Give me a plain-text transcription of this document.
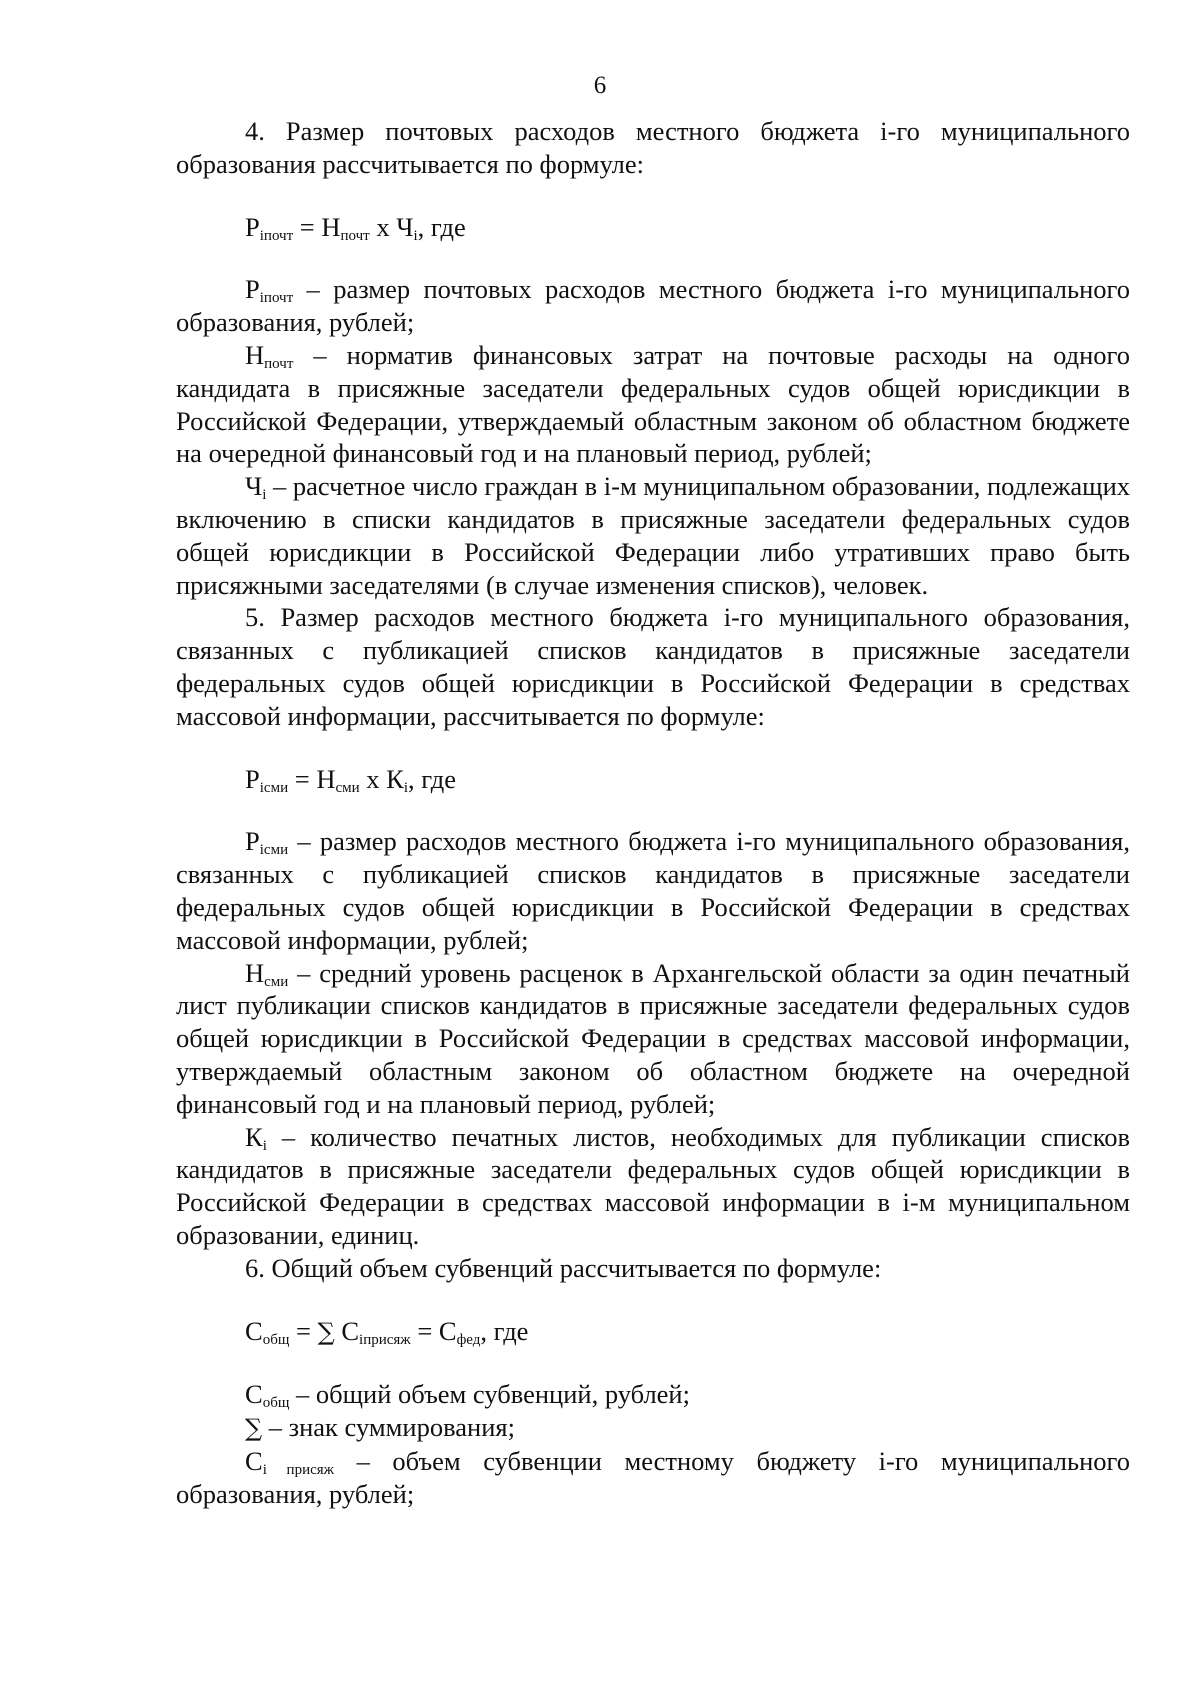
6

4. Размер почтовых расходов местного бюджета i-го муниципального образования рассчитывается по формуле:

Piпочт = Нпочт х Чi, где

Piпочт – размер почтовых расходов местного бюджета i-го муниципального образования, рублей;

Нпочт – норматив финансовых затрат на почтовые расходы на одного кандидата в присяжные заседатели федеральных судов общей юрисдикции в Российской Федерации, утверждаемый областным законом об областном бюджете на очередной финансовый год и на плановый период, рублей;

Чi – расчетное число граждан в i-м муниципальном образовании, подлежащих включению в списки кандидатов в присяжные заседатели федеральных судов общей юрисдикции в Российской Федерации либо утративших право быть присяжными заседателями (в случае изменения списков), человек.

5. Размер расходов местного бюджета i-го муниципального образования, связанных с публикацией списков кандидатов в присяжные заседатели федеральных судов общей юрисдикции в Российской Федерации в средствах массовой информации, рассчитывается по формуле:

Piсми = Нсми х Кi, где

Piсми – размер расходов местного бюджета i-го муниципального образования, связанных с публикацией списков кандидатов в присяжные заседатели федеральных судов общей юрисдикции в Российской Федерации в средствах массовой информации, рублей;

Нсми – средний уровень расценок в Архангельской области за один печатный лист публикации списков кандидатов в присяжные заседатели федеральных судов общей юрисдикции в Российской Федерации в средствах массовой информации, утверждаемый областным законом об областном бюджете на очередной финансовый год и на плановый период, рублей;

Кi – количество печатных листов, необходимых для публикации списков кандидатов в присяжные заседатели федеральных судов общей юрисдикции в Российской Федерации в средствах массовой информации в i-м муниципальном образовании, единиц.

6. Общий объем субвенций рассчитывается по формуле:

Собщ = ∑ Сiприсяж = Сфед, где

Собщ – общий объем субвенций, рублей;

∑ – знак суммирования;

Сi присяж – объем субвенции местному бюджету i-го муниципального образования, рублей;
